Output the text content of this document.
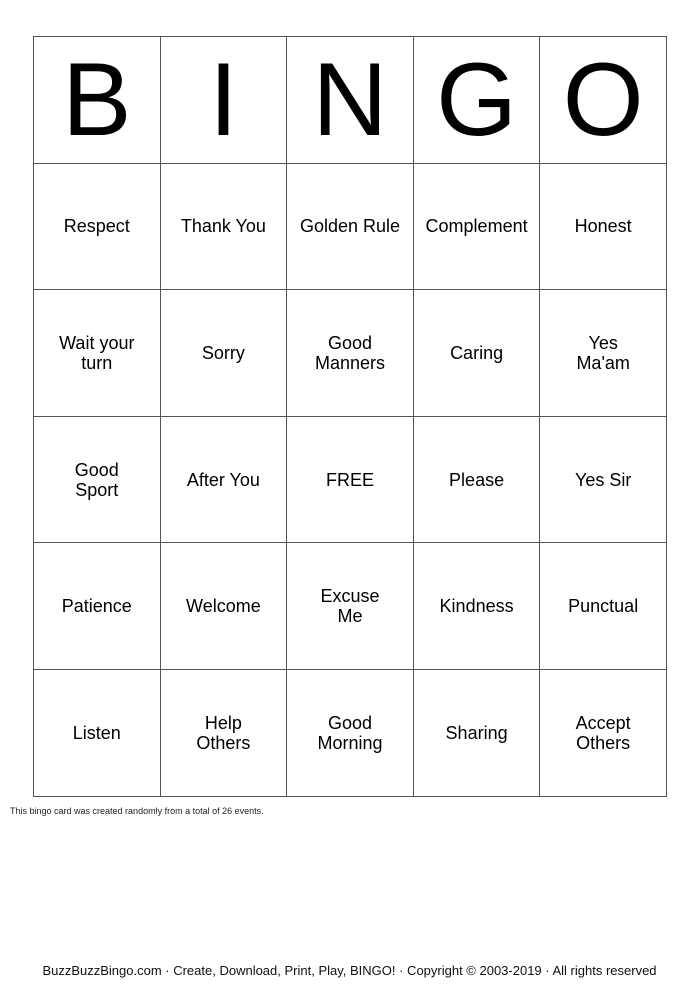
B	I	N	G	O
Respect	Thank You	Golden Rule	Complement	Honest
Wait your turn	Sorry	Good Manners	Caring	Yes Ma'am
Good Sport	After You	FREE	Please	Yes Sir
Patience	Welcome	Excuse Me	Kindness	Punctual
Listen	Help Others	Good Morning	Sharing	Accept Others
This bingo card was created randomly from a total of 26 events.
BuzzBuzzBingo.com · Create, Download, Print, Play, BINGO! · Copyright © 2003-2019 · All rights reserved
